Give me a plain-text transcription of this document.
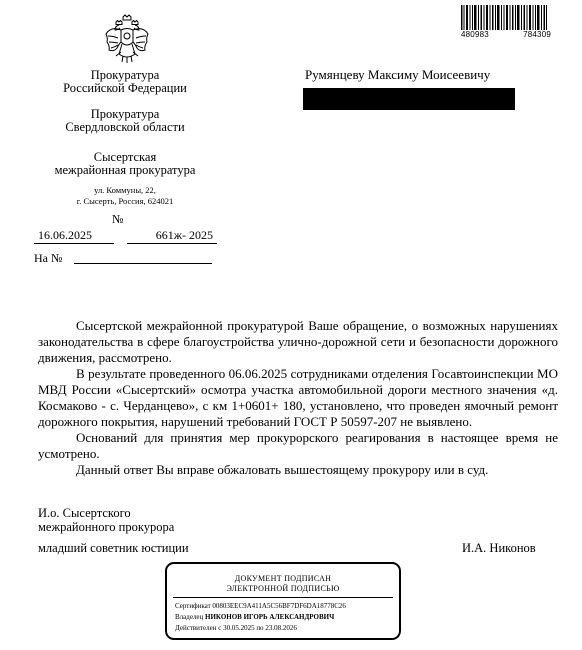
480983	784309
Прокуратура
Российской Федерации
Прокуратура
Свердловской области
Сысертская
межрайонная прокуратура
ул. Коммуны, 22,
г. Сысерть, Россия, 624021
№
16.06.2025	661ж- 2025
На №
Румянцеву Максиму Моисеевичу

Сысертской межрайонной прокуратурой Ваше обращение, о возможных нарушениях законодательства в сфере благоустройства улично-дорожной сети и безопасности дорожного движения, рассмотрено.

В результате проведенного 06.06.2025 сотрудниками отделения Госавтоинспекции МО МВД России «Сысертский» осмотра участка автомобильной дороги местного значения «д. Космаково - с. Черданцево», с км 1+0601+ 180, установлено, что проведен ямочный ремонт дорожного покрытия, нарушений требований ГОСТ Р 50597-207 не выявлено.

Оснований для принятия мер прокурорского реагирования в настоящее время не усмотрено.

Данный ответ Вы вправе обжаловать вышестоящему прокурору или в суд.

И.о. Сысертского
межрайонного прокурора
младший советник юстиции	И.А. Никонов
ДОКУМЕНТ ПОДПИСАН
ЭЛЕКТРОННОЙ ПОДПИСЬЮ
Сертификат 00803EEC9A411A5C56BF7DF6DA18778C26
Владелец НИКОНОВ ИГОРЬ АЛЕКСАНДРОВИЧ
Действителен с 30.05.2025 по 23.08.2026
